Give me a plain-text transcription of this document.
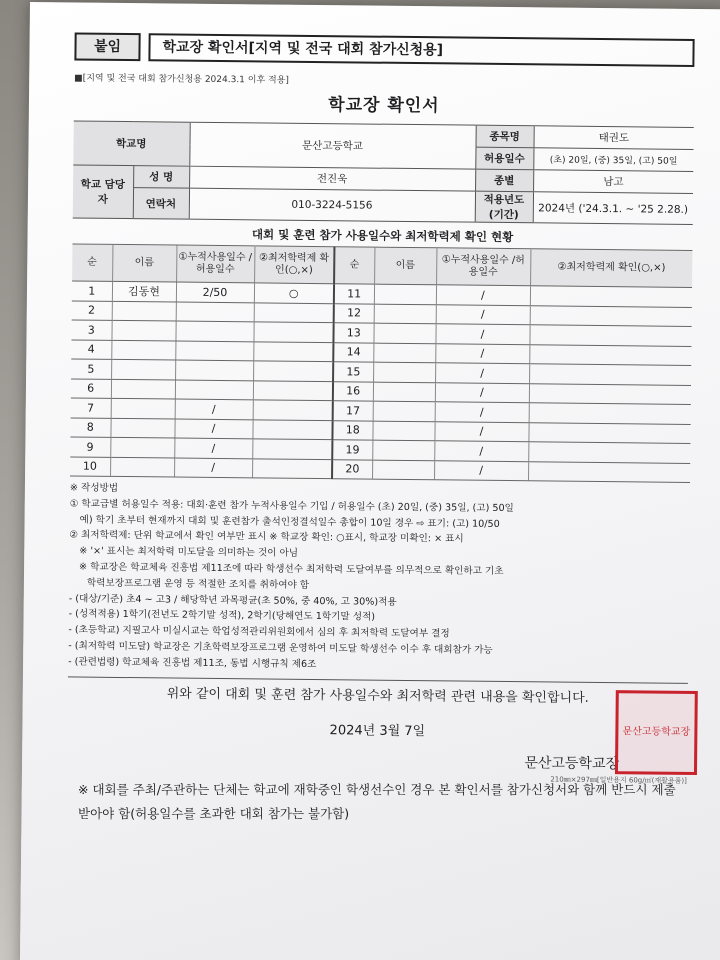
붙임	학교장 확인서[지역 및 전국 대회 참가신청용]
■[지역 및 전국 대회 참가신청용 2024.3.1 이후 적용]
학교장 확인서
학교명		문산고등학교	종목명	태권도
			허용일수	(초) 20일, (중) 35일, (고) 50일
학교 담당자	성 명	전진욱	종별	남고
	연락처	010-3224-5156	적용년도 (기간)	2024년 ('24.3.1. ~ '25 2.28.)
대회 및 훈련 참가 사용일수와 최저학력제 확인 현황
순	이름	①누적사용일수 /허용일수	②최저학력제 확인(○,×)	순	이름	①누적사용일수 /허용일수	②최저학력제 확인(○,×)
1	김동현	2/50	○	11		/	
2				12		/	
3				13		/	
4				14		/	
5				15		/	
6				16		/	
7		/		17		/	
8		/		18		/	
9		/		19		/	
10		/		20		/	
※ 작성방법
① 학교급별 허용일수 적용: 대회·훈련 참가 누적사용일수 기입 / 허용일수 (초) 20일, (중) 35일, (고) 50일
예) 학기 초부터 현재까지 대회 및 훈련참가 출석인정결석일수 총합이 10일 경우 ⇨ 표기: (고) 10/50
② 최저학력제: 단위 학교에서 확인 여부만 표시 ※ 학교장 확인: ○표시, 학교장 미확인: × 표시
※ '×' 표시는 최저학력 미도달을 의미하는 것이 아님
※ 학교장은 학교체육 진흥법 제11조에 따라 학생선수 최저학력 도달여부를 의무적으로 확인하고 기초
학력보장프로그램 운영 등 적절한 조치를 취하여야 함
- (대상/기준) 초4 ~ 고3 / 해당학년 과목평균(초 50%, 중 40%, 고 30%)적용
- (성적적용) 1학기(전년도 2학기말 성적), 2학기(당해연도 1학기말 성적)
- (초등학교) 지필고사 미실시교는 학업성적관리위원회에서 심의 후 최저학력 도달여부 결정
- (최저학력 미도달) 학교장은 기초학력보장프로그램 운영하여 미도달 학생선수 이수 후 대회참가 가능
- (관련법령) 학교체육 진흥법 제11조, 동법 시행규칙 제6조
위와 같이 대회 및 훈련 참가 사용일수와 최저학력 관련 내용을 확인합니다.
2024년 3월 7일
문산고등학교장
210㎜×297㎜[일반용지 60g/㎡(재활용품)]
문산고등학교장
※ 대회를 주최/주관하는 단체는 학교에 재학중인 학생선수인 경우 본 확인서를 참가신청서와 함께 반드시 제출받아야 함(허용일수를 초과한 대회 참가는 불가함)
